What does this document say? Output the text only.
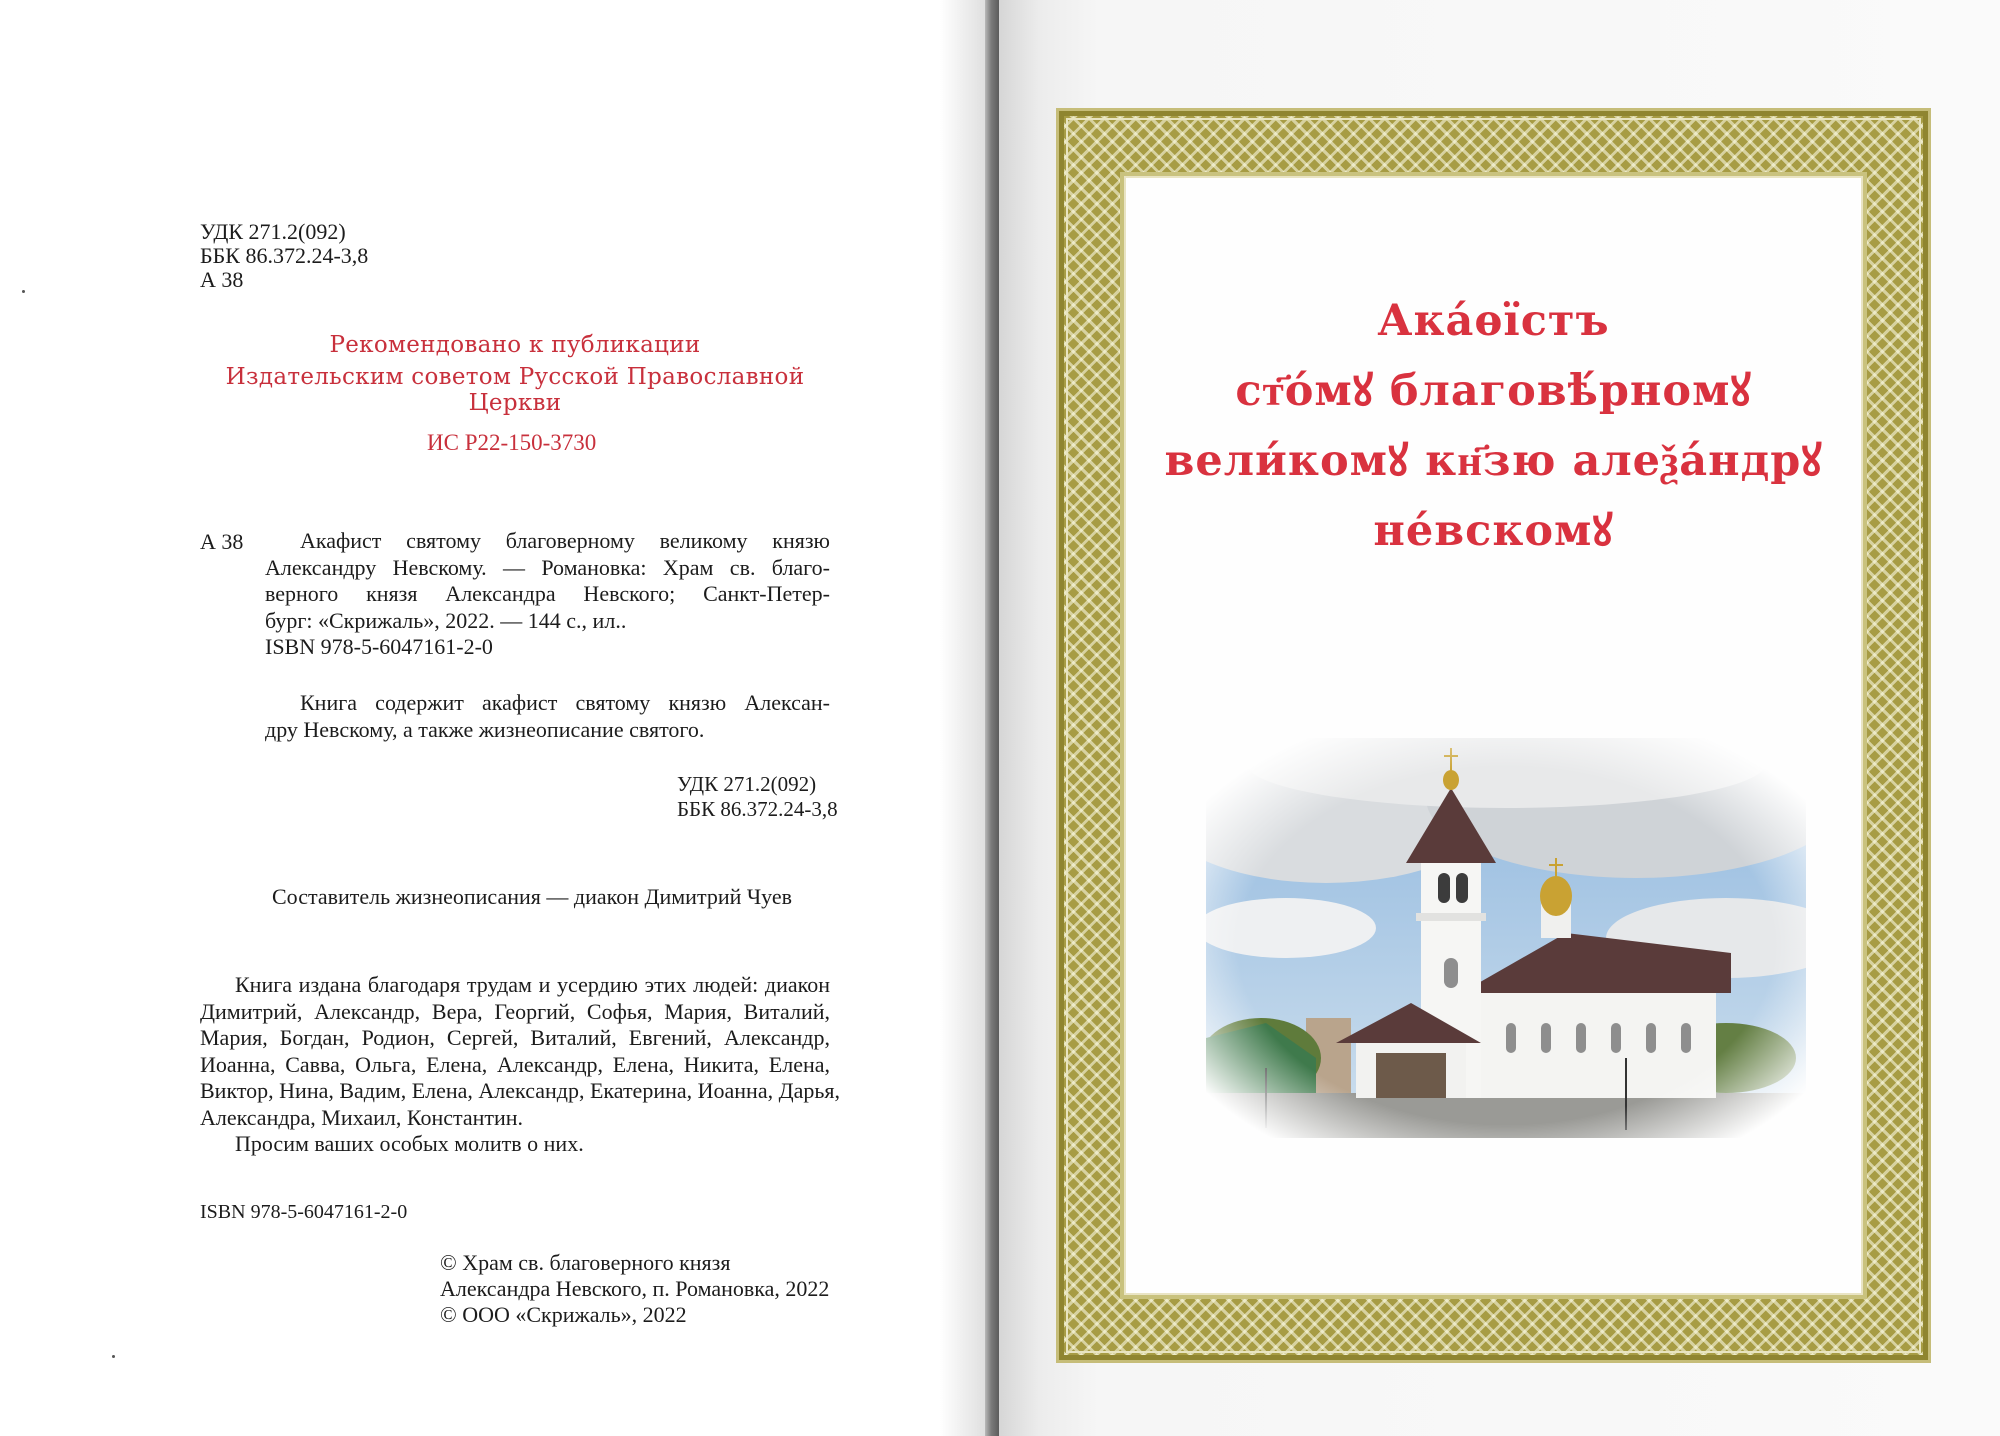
УДК 271.2(092)
ББК 86.372.24-3,8
А 38
Рекомендовано к публикации
Издательским советом Русской Православной Церкви
ИС Р22-150-3730
А 38	Акафист святому благоверному великому князю
Александру Невскому. — Романовка: Храм св. благо-
верного князя Александра Невского; Санкт-Петер-
бург: «Скрижаль», 2022. — 144 с., ил..
ISBN 978-5-6047161-2-0
Книга содержит акафист святому князю Алексан-
дру Невскому, а также жизнеописание святого.
УДК 271.2(092)
ББК 86.372.24-3,8
Составитель жизнеописания — диакон Димитрий Чуев
Книга издана благодаря трудам и усердию этих людей: диакон
Димитрий, Александр, Вера, Георгий, Софья, Мария, Виталий,
Мария, Богдан, Родион, Сергей, Виталий, Евгений, Александр,
Иоанна, Савва, Ольга, Елена, Александр, Елена, Никита, Елена,
Виктор, Нина, Вадим, Елена, Александр, Екатерина, Иоанна, Дарья,
Александра, Михаил, Константин.
Просим ваших особых молитв о них.
ISBN 978-5-6047161-2-0
© Храм св. благоверного князя
Александра Невского, п. Романовка, 2022
© ООО «Скрижаль», 2022
Ака́ѳїстъ
ст҃о́мꙋ благовѣ́рномꙋ
вели́комꙋ кн҃зю алеѯа́ндрꙋ
не́вскомꙋ
